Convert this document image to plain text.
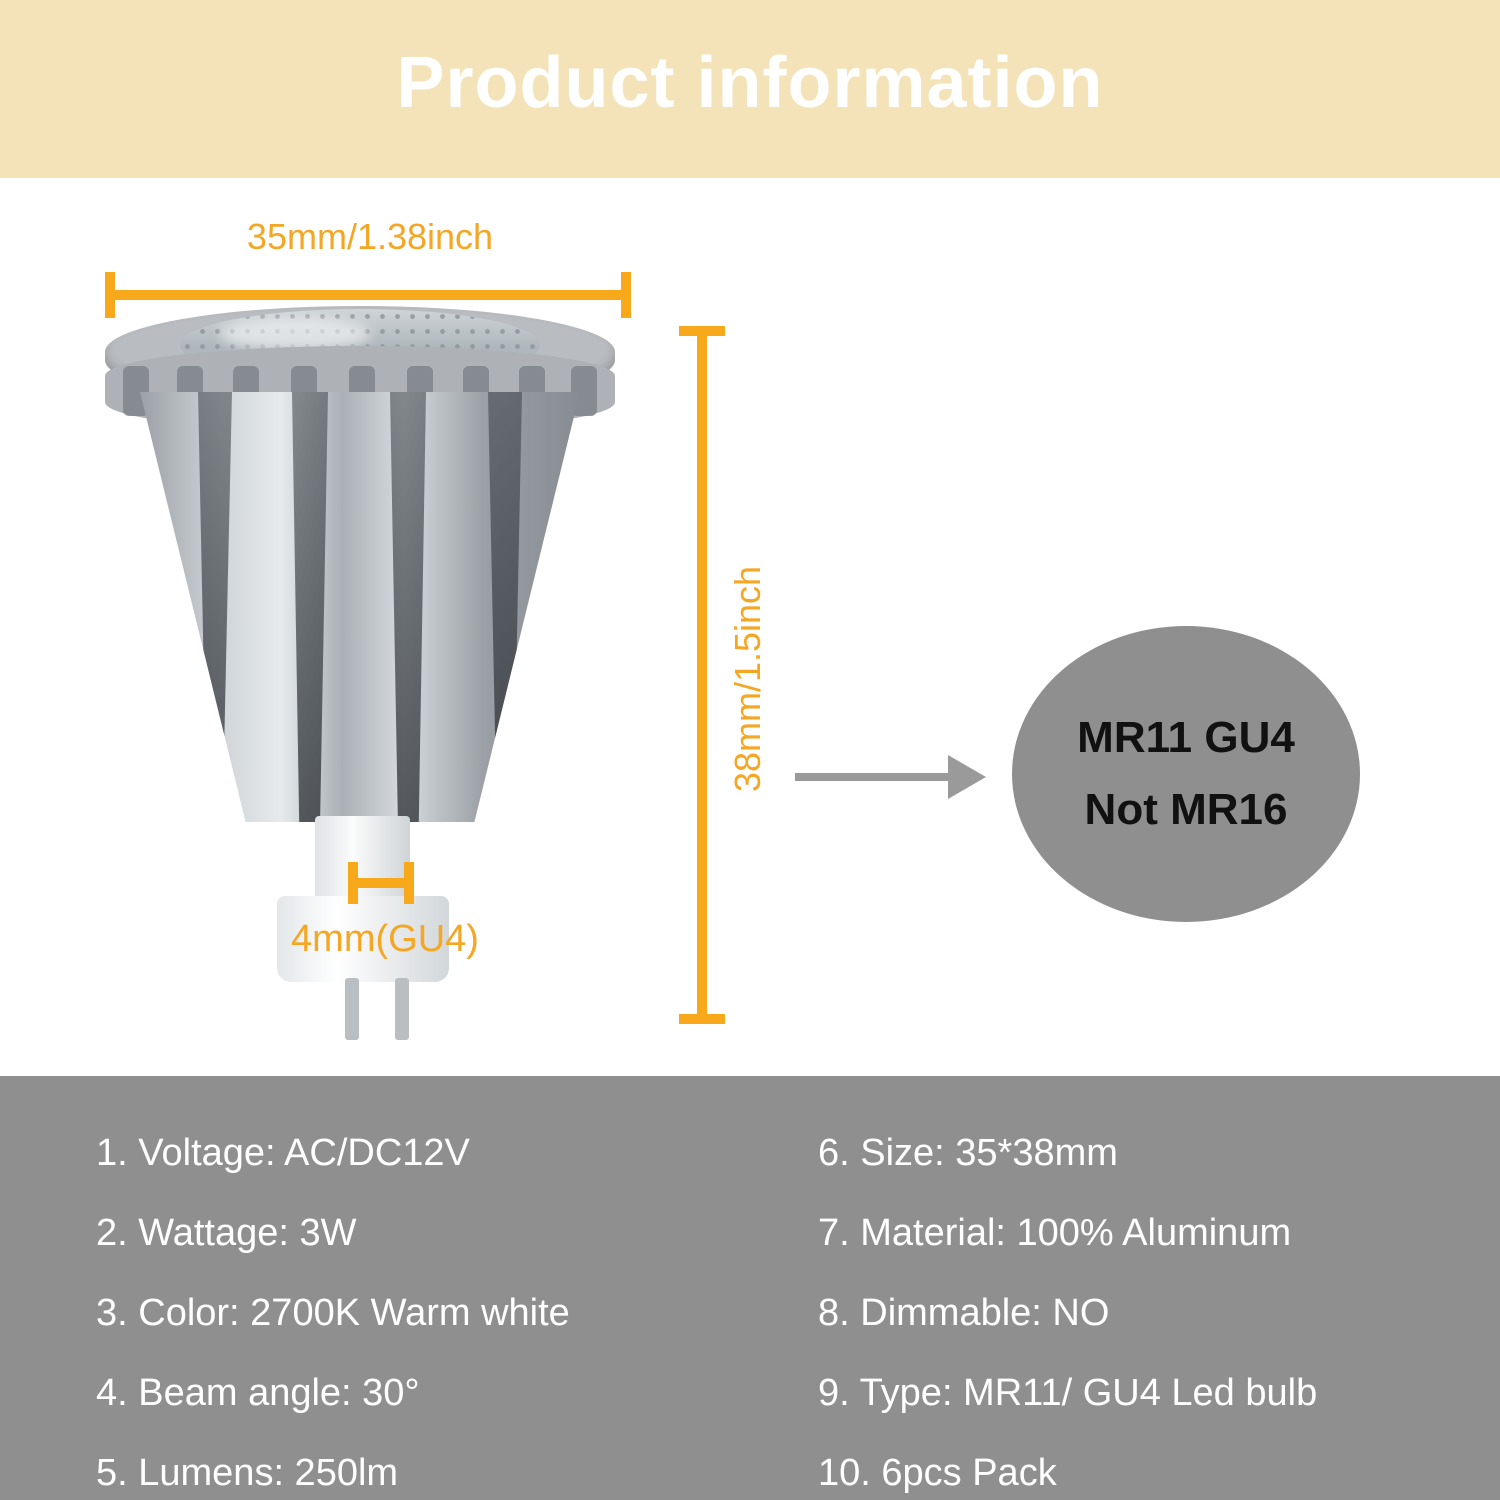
Product information
35mm/1.38inch
38mm/1.5inch
4mm(GU4)
MR11 GU4
Not MR16
1. Voltage: AC/DC12V
2. Wattage: 3W
3. Color: 2700K Warm white
4. Beam angle: 30°
5. Lumens: 250lm
6. Size: 35*38mm
7. Material: 100% Aluminum
8. Dimmable: NO
9. Type: MR11/ GU4 Led bulb
10. 6pcs Pack
